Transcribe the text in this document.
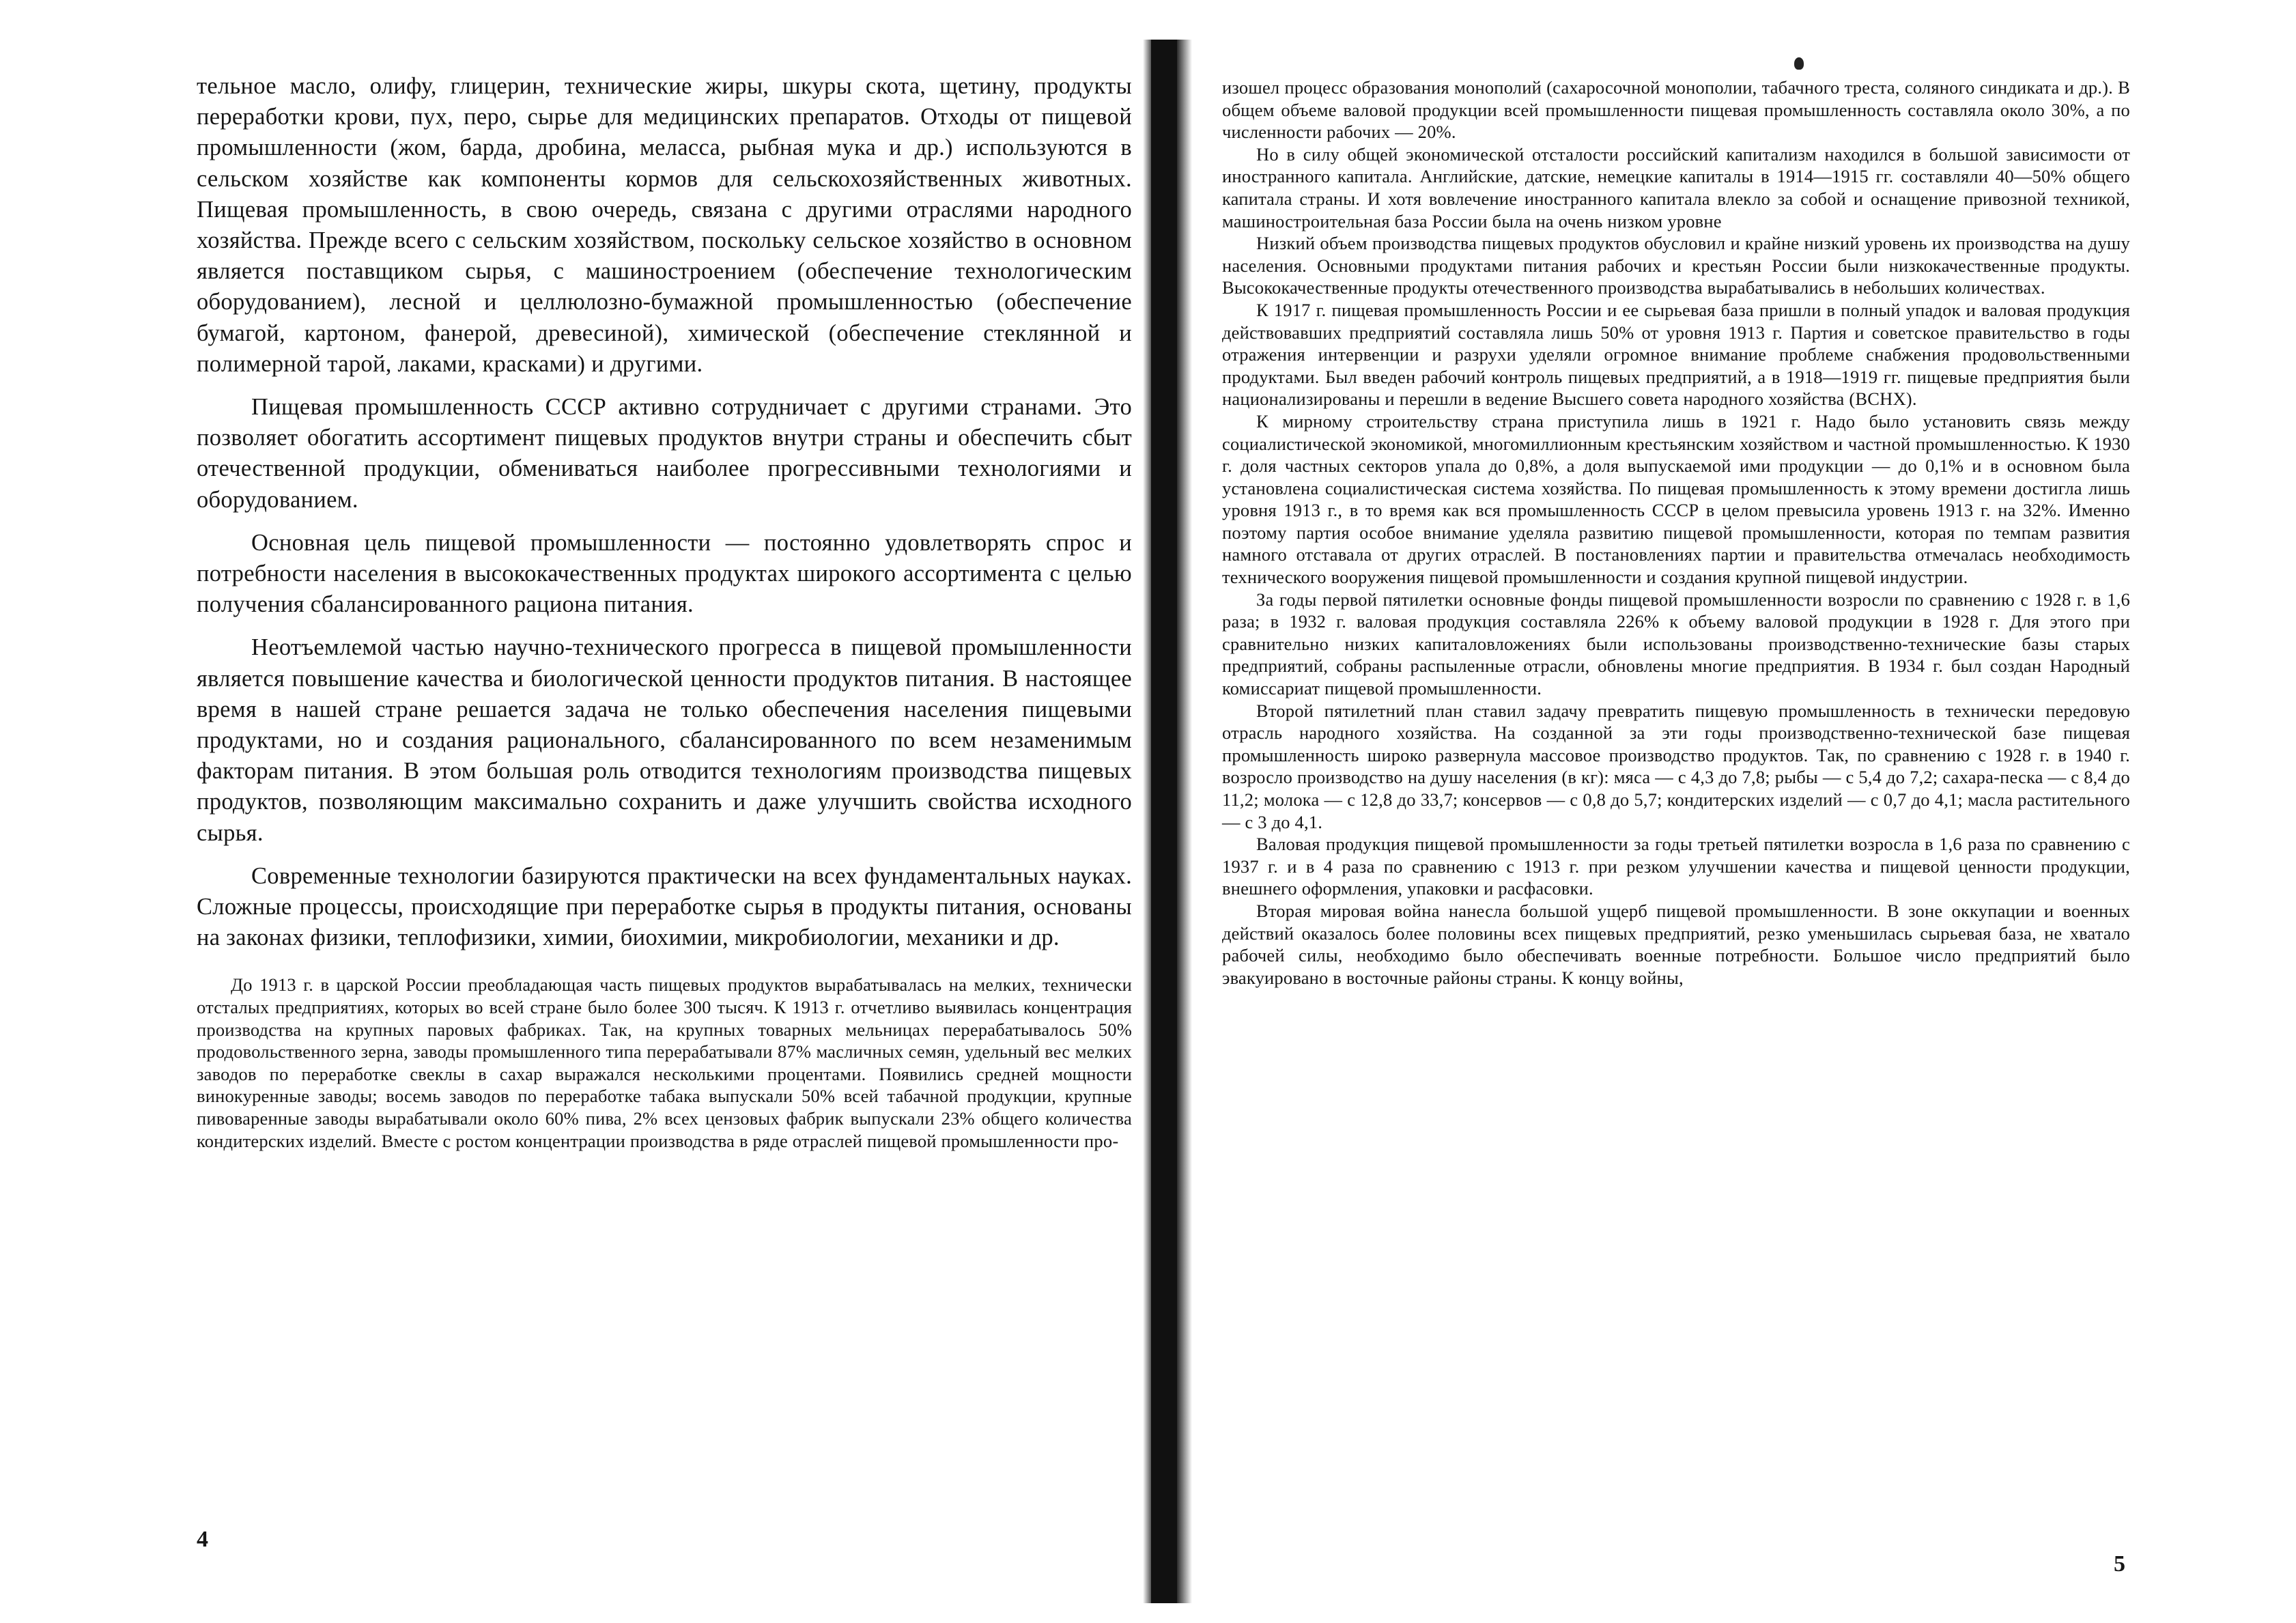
тельное масло, олифу, глицерин, технические жиры, шкуры скота, щетину, продукты переработки крови, пух, перо, сырье для медицинских препаратов. Отходы от пищевой промышленности (жом, барда, дробина, меласса, рыбная мука и др.) используются в сельском хозяйстве как компоненты кормов для сельскохозяйственных животных. Пищевая промышленность, в свою очередь, связана с другими отраслями народного хозяйства. Прежде всего с сельским хозяйством, поскольку сельское хозяйство в основном является поставщиком сырья, с машиностроением (обеспечение технологическим оборудованием), лесной и целлюлозно-бумажной промышленностью (обеспечение бумагой, картоном, фанерой, древесиной), химической (обеспечение стеклянной и полимерной тарой, лаками, красками) и другими.

Пищевая промышленность СССР активно сотрудничает с другими странами. Это позволяет обогатить ассортимент пищевых продуктов внутри страны и обеспечить сбыт отечественной продукции, обмениваться наиболее прогрессивными технологиями и оборудованием.

Основная цель пищевой промышленности — постоянно удовлетворять спрос и потребности населения в высококачественных продуктах широкого ассортимента с целью получения сбалансированного рациона питания.

Неотъемлемой частью научно-технического прогресса в пищевой промышленности является повышение качества и биологической ценности продуктов питания. В настоящее время в нашей стране решается задача не только обеспечения населения пищевыми продуктами, но и создания рационального, сбалансированного по всем незаменимым факторам питания. В этом большая роль отводится технологиям производства пищевых продуктов, позволяющим максимально сохранить и даже улучшить свойства исходного сырья.

Современные технологии базируются практически на всех фундаментальных науках. Сложные процессы, происходящие при переработке сырья в продукты питания, основаны на законах физики, теплофизики, химии, биохимии, микробиологии, механики и др.

До 1913 г. в царской России преобладающая часть пищевых продуктов вырабатывалась на мелких, технически отсталых предприятиях, которых во всей стране было более 300 тысяч. К 1913 г. отчетливо выявилась концентрация производства на крупных паровых фабриках. Так, на крупных товарных мельницах перерабатывалось 50% продовольственного зерна, заводы промышленного типа перерабатывали 87% масличных семян, удельный вес мелких заводов по переработке свеклы в сахар выражался несколькими процентами. Появились средней мощности винокуренные заводы; восемь заводов по переработке табака выпускали 50% всей табачной продукции, крупные пивоваренные заводы вырабатывали около 60% пива, 2% всех цензовых фабрик выпускали 23% общего количества кондитерских изделий. Вместе с ростом концентрации производства в ряде отраслей пищевой промышленности про-

изошел процесс образования монополий (сахаросочной монополии, табачного треста, соляного синдиката и др.). В общем объеме валовой продукции всей промышленности пищевая промышленность составляла около 30%, а по численности рабочих — 20%.

Но в силу общей экономической отсталости российский капитализм находился в большой зависимости от иностранного капитала. Английские, датские, немецкие капиталы в 1914—1915 гг. составляли 40—50% общего капитала страны. И хотя вовлечение иностранного капитала влекло за собой и оснащение привозной техникой, машиностроительная база России была на очень низком уровне

Низкий объем производства пищевых продуктов обусловил и крайне низкий уровень их производства на душу населения. Основными продуктами питания рабочих и крестьян России были низкокачественные продукты. Высококачественные продукты отечественного производства вырабатывались в небольших количествах.

К 1917 г. пищевая промышленность России и ее сырьевая база пришли в полный упадок и валовая продукция действовавших предприятий составляла лишь 50% от уровня 1913 г. Партия и советское правительство в годы отражения интервенции и разрухи уделяли огромное внимание проблеме снабжения продовольственными продуктами. Был введен рабочий контроль пищевых предприятий, а в 1918—1919 гг. пищевые предприятия были национализированы и перешли в ведение Высшего совета народного хозяйства (ВСНХ).

К мирному строительству страна приступила лишь в 1921 г. Надо было установить связь между социалистической экономикой, многомиллионным крестьянским хозяйством и частной промышленностью. К 1930 г. доля частных секторов упала до 0,8%, а доля выпускаемой ими продукции — до 0,1% и в основном была установлена социалистическая система хозяйства. По пищевая промышленность к этому времени достигла лишь уровня 1913 г., в то время как вся промышленность СССР в целом превысила уровень 1913 г. на 32%. Именно поэтому партия особое внимание уделяла развитию пищевой промышленности, которая по темпам развития намного отставала от других отраслей. В постановлениях партии и правительства отмечалась необходимость технического вооружения пищевой промышленности и создания крупной пищевой индустрии.

За годы первой пятилетки основные фонды пищевой промышленности возросли по сравнению с 1928 г. в 1,6 раза; в 1932 г. валовая продукция составляла 226% к объему валовой продукции в 1928 г. Для этого при сравнительно низких капиталовложениях были использованы производственно-технические базы старых предприятий, собраны распыленные отрасли, обновлены многие предприятия. В 1934 г. был создан Народный комиссариат пищевой промышленности.

Второй пятилетний план ставил задачу превратить пищевую промышленность в технически передовую отрасль народного хозяйства. На созданной за эти годы производственно-технической базе пищевая промышленность широко развернула массовое производство продуктов. Так, по сравнению с 1928 г. в 1940 г. возросло производство на душу населения (в кг): мяса — с 4,3 до 7,8; рыбы — с 5,4 до 7,2; сахара-песка — с 8,4 до 11,2; молока — с 12,8 до 33,7; консервов — с 0,8 до 5,7; кондитерских изделий — с 0,7 до 4,1; масла растительного — с 3 до 4,1.

Валовая продукция пищевой промышленности за годы третьей пятилетки возросла в 1,6 раза по сравнению с 1937 г. и в 4 раза по сравнению с 1913 г. при резком улучшении качества и пищевой ценности продукции, внешнего оформления, упаковки и расфасовки.

Вторая мировая война нанесла большой ущерб пищевой промышленности. В зоне оккупации и военных действий оказалось более половины всех пищевых предприятий, резко уменьшилась сырьевая база, не хватало рабочей силы, необходимо было обеспечивать военные потребности. Большое число предприятий было эвакуировано в восточные районы страны. К концу войны,

4
5
